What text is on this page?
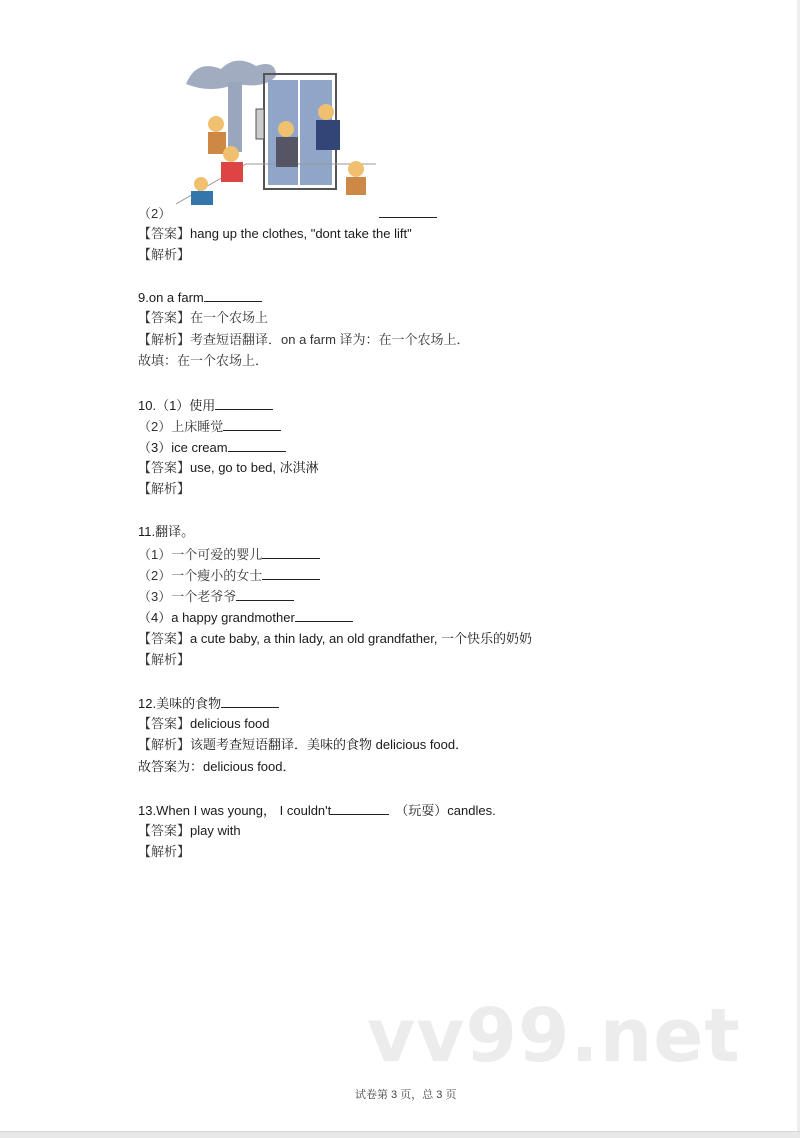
（2）
【答案】hang up the clothes, "dont take the lift"
【解析】
9.on a farm
【答案】在一个农场上
【解析】考查短语翻译．on a farm 译为：在一个农场上．
故填：在一个农场上．
10.（1）使用
（2）上床睡觉
（3）ice cream
【答案】use, go to bed, 冰淇淋
【解析】
11.翻译。
（1）一个可爱的婴儿
（2）一个瘦小的女士
（3）一个老爷爷
（4）a happy grandmother
【答案】a cute baby, a thin lady, an old grandfather, 一个快乐的奶奶
【解析】
12.美味的食物
【答案】delicious food
【解析】该题考查短语翻译．美味的食物 delicious food．
故答案为：delicious food．
13.When I was young， I couldn't	（玩耍）candles.
【答案】play with
【解析】
vv99.net
试卷第 3 页，总 3 页
